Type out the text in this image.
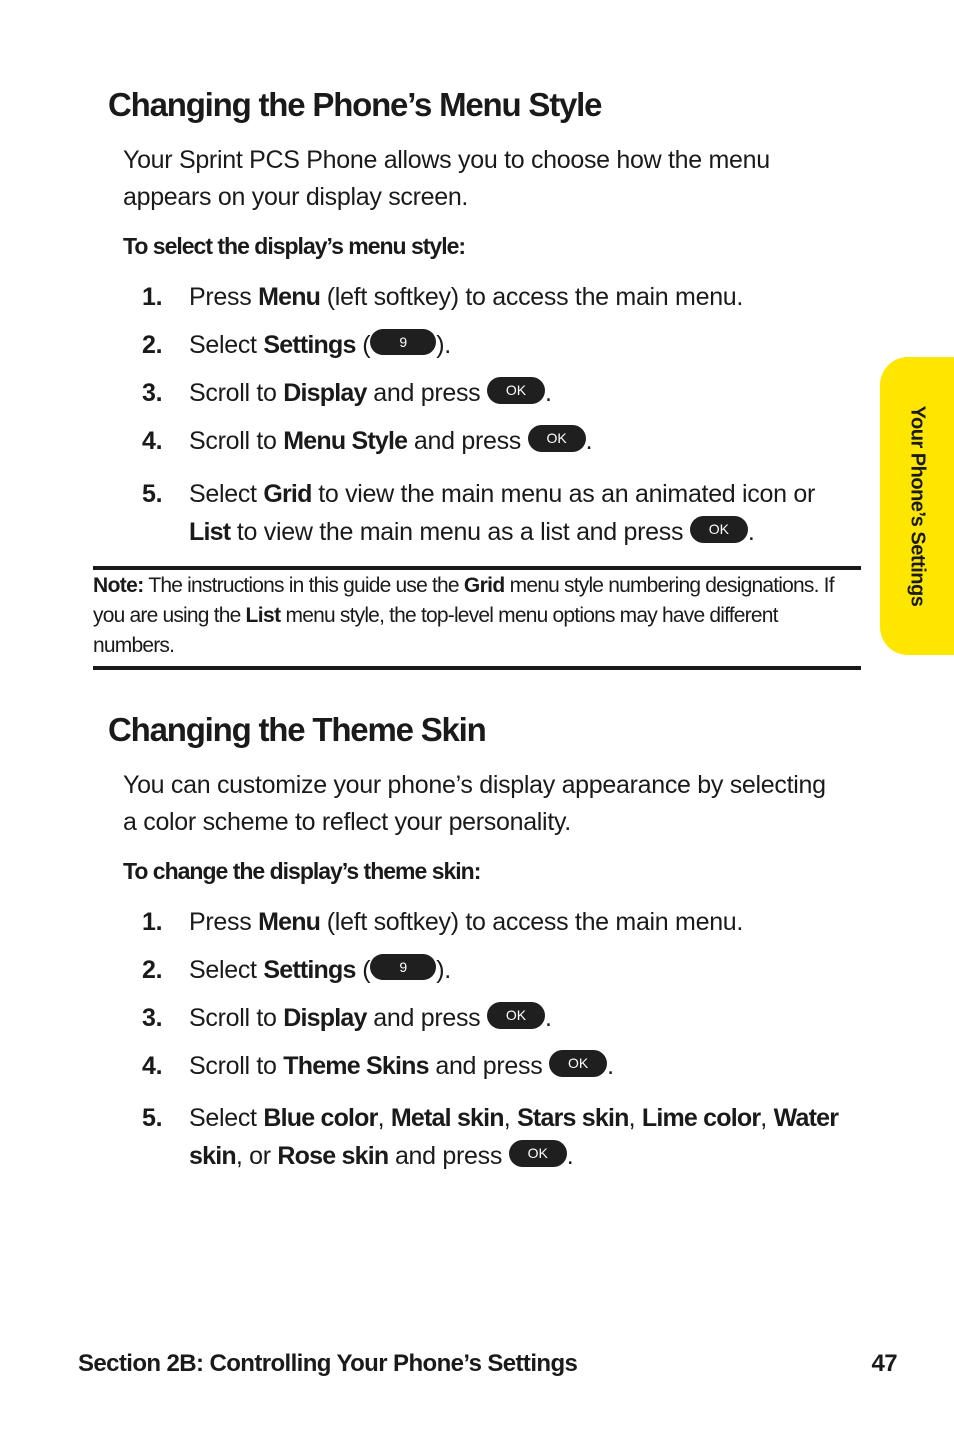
Changing the Phone’s Menu Style

Your Sprint PCS Phone allows you to choose how the menu appears on your display screen.

To select the display’s menu style:

1. Press Menu (left softkey) to access the main menu.
2. Select Settings ( 9 ).
3. Scroll to Display and press OK .
4. Scroll to Menu Style and press OK .
5. Select Grid to view the main menu as an animated icon or List to view the main menu as a list and press OK .

Note: The instructions in this guide use the Grid menu style numbering designations. If you are using the List menu style, the top-level menu options may have different numbers.

Changing the Theme Skin

You can customize your phone’s display appearance by selecting a color scheme to reflect your personality.

To change the display’s theme skin:

1. Press Menu (left softkey) to access the main menu.
2. Select Settings ( 9 ).
3. Scroll to Display and press OK .
4. Scroll to Theme Skins and press OK .
5. Select Blue color, Metal skin, Stars skin, Lime color, Water skin, or Rose skin and press OK .
Your Phone’s Settings

Section 2B: Controlling Your Phone’s Settings	47
